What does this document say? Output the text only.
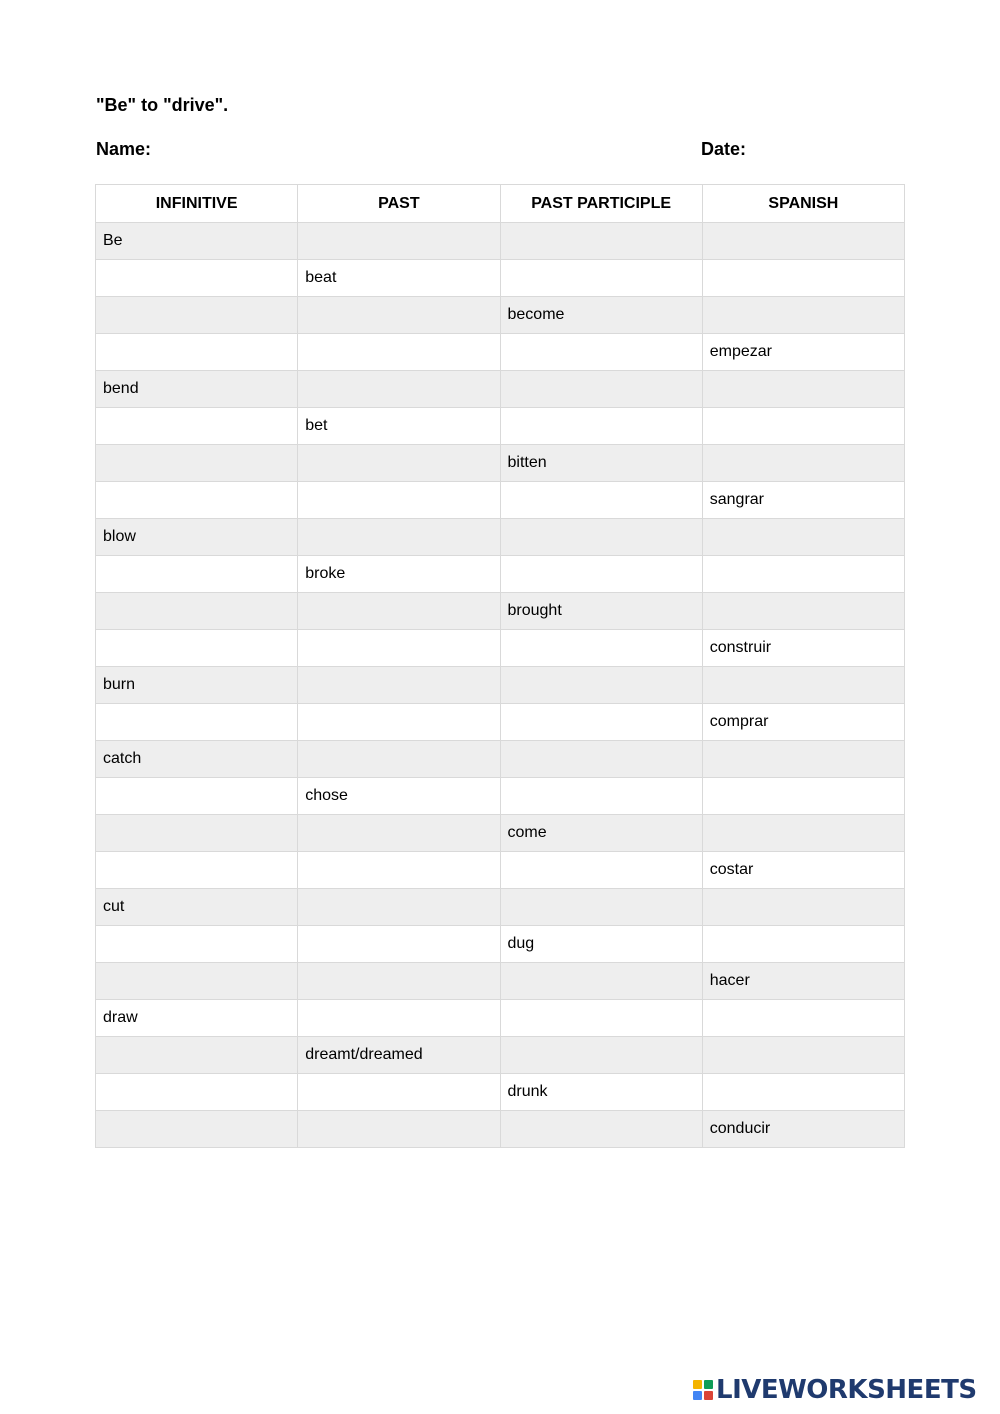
"Be" to "drive".
Name:	Date:
INFINITIVE	PAST	PAST PARTICIPLE	SPANISH
Be			
	beat		
		become	
			empezar
bend			
	bet		
		bitten	
			sangrar
blow			
	broke		
		brought	
			construir
burn			
			comprar
catch			
	chose		
		come	
			costar
cut			
		dug	
			hacer
draw			
	dreamt/dreamed		
		drunk	
			conducir
LIVEWORKSHEETS
